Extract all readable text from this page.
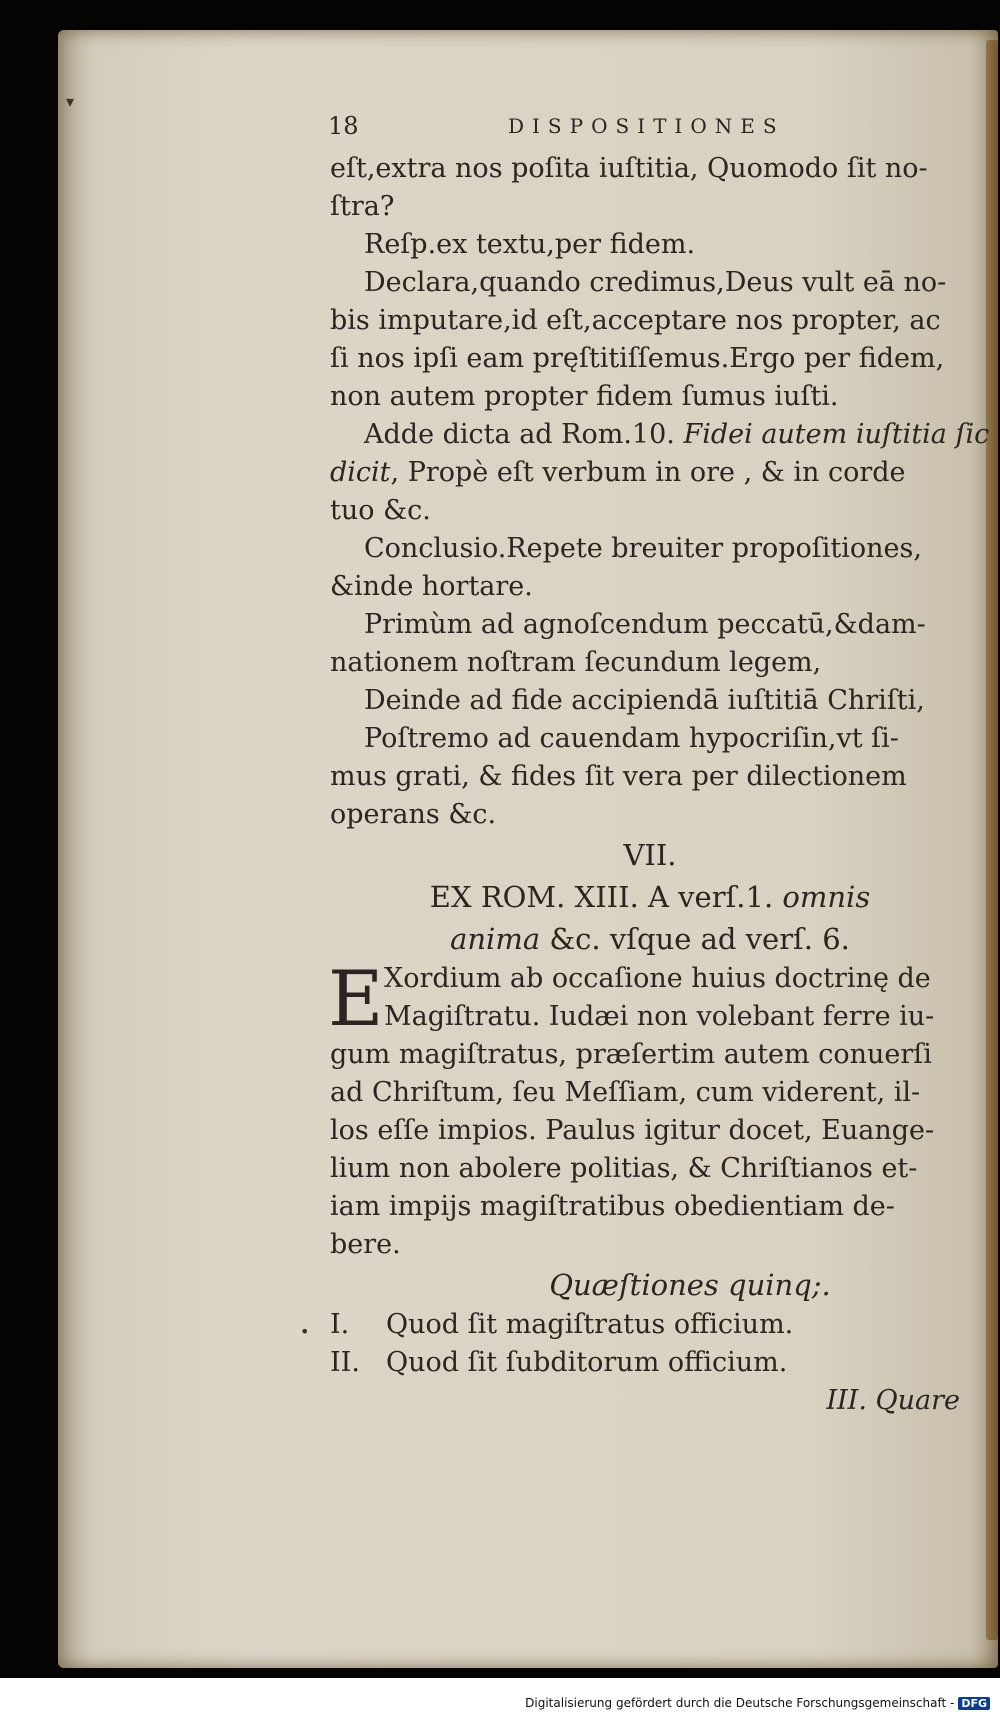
▾
•
18	DISPOSITIONES
eſt,extra nos poſita iuſtitia, Quomodo ſit no-
ſtra?
Reſp.ex textu,per fidem.
Declara,quando credimus,Deus vult eā no-
bis imputare,id eſt,acceptare nos propter, ac
ſi nos ipſi eam pręſtitiſſemus.Ergo per fidem,
non autem propter fidem ſumus iuſti.
Adde dicta ad Rom.10. Fidei autem iuſtitia ſic
dicit, Propè eſt verbum in ore , & in corde
tuo &c.
Conclusio.Repete breuiter propoſitiones,
&inde hortare.
Primùm ad agnoſcendum peccatū,&dam-
nationem noſtram ſecundum legem,
Deinde ad fide accipiendā iuſtitiā Chriſti,
Poſtremo ad cauendam hypocriſin,vt ſi-
mus grati, & fides ſit vera per dilectionem
operans &c.
VII.
EX ROM. XIII. A verſ.1. omnis
anima &c. vſque ad verſ. 6.
E Xordium ab occaſione huius doctrinę de
Magiſtratu. Iudæi non volebant ferre iu-
gum magiſtratus, præſertim autem conuerſi
ad Chriſtum, ſeu Meſſiam, cum viderent, il-
los eſſe impios. Paulus igitur docet, Euange-
lium non abolere politias, & Chriſtianos et-
iam impijs magiſtratibus obedientiam de-
bere.
Quæſtiones quinq;.
I. Quod ſit magiſtratus officium.
II. Quod ſit ſubditorum officium.
III. Quare
Digitalisierung gefördert durch die Deutsche Forschungsgemeinschaft - DFG
